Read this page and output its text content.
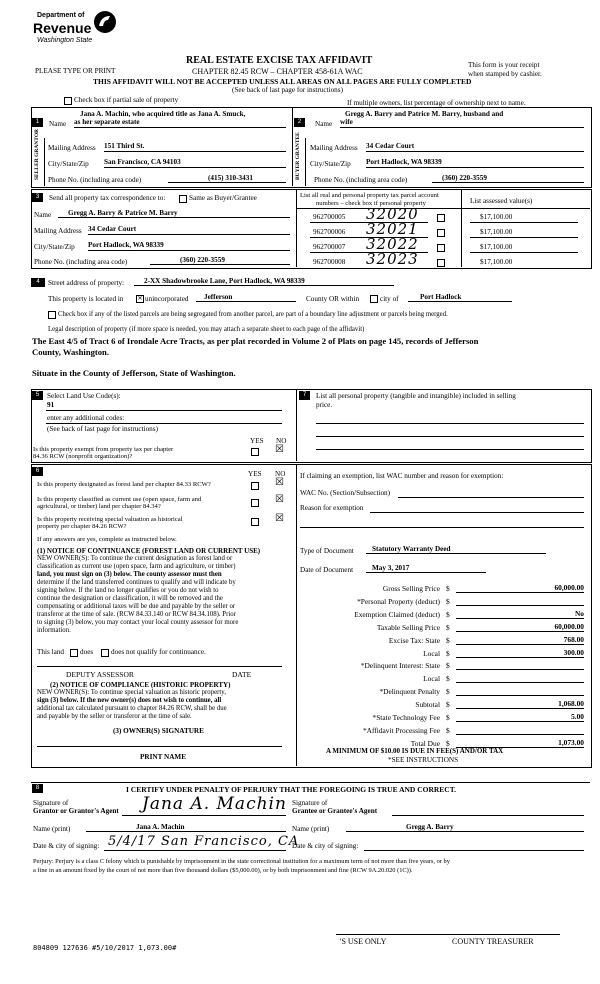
Department of
Revenue
Washington State
REAL ESTATE EXCISE TAX AFFIDAVIT
PLEASE TYPE OR PRINT	CHAPTER 82.45 RCW – CHAPTER 458-61A WAC
This form is your receipt
when stamped by cashier.
THIS AFFIDAVIT WILL NOT BE ACCEPTED UNLESS ALL AREAS ON ALL PAGES ARE FULLY COMPLETED
(See back of last page for instructions)
Check box if partial sale of property	If multiple owners, list percentage of ownership next to name.
1
SELLER GRANTOR
Jana A. Machin, who acquired title as Jana A. Smuck,
Name as her separate estate
Mailing Address 151 Third St.
City/State/Zip San Francisco, CA 94103
Phone No. (including area code)	(415) 310-3431
2
BUYER GRANTEE
Gregg A. Barry and Patrice M. Barry, husband and
Name wife
Mailing Address 34 Cedar Court
City/State/Zip Port Hadlock, WA 98339
Phone No. (including area code)	(360) 220-3559
3	Send all property tax correspondence to:	Same as Buyer/Grantee
Name	Gregg A. Barry & Patrice M. Barry
Mailing Address 34 Cedar Court
City/State/Zip Port Hadlock, WA 98339
Phone No. (including area code)	(360) 220-3559
List all real and personal property tax parcel account
numbers – check box if personal property	List assessed value(s)
962700005 32020	$17,100.00
962700006 32021	$17,100.00
962700007 32022	$17,100.00
962700008 32023	$17,100.00
4	Street address of property:	2-XX Shadowbrooke Lane, Port Hadlock, WA 98339
This property is located in ✕ unincorporated	Jefferson	County OR within	city of	Port Hadlock
Check box if any of the listed parcels are being segregated from another parcel, are part of a boundary line adjustment or parcels being merged.
Legal description of property (if more space is needed, you may attach a separate sheet to each page of the affidavit)
The East 4/5 of Tract 6 of Irondale Acre Tracts, as per plat recorded in Volume 2 of Plats on page 145, records of Jefferson
County, Washington.
Situate in the County of Jefferson, State of Washington.
5	Select Land Use Code(s):
91
enter any additional codes:
(See back of last page for instructions)
YES NO
Is this property exempt from property tax per chapter
84.36 RCW (nonprofit organization)?
☒
7	List all personal property (tangible and intangible) included in selling
price.
6	YES NO
Is this property designated as forest land per chapter 84.33 RCW?	☒
Is this property classified as current use (open space, farm and
agricultural, or timber) land per chapter 84.34?
☒
Is this property receiving special valuation as historical
property per chapter 84.26 RCW?
☒
If any answers are yes, complete as instructed below.
(1) NOTICE OF CONTINUANCE (FOREST LAND OR CURRENT USE)
NEW OWNER(S): To continue the current designation as forest land or
classification as current use (open space, farm and agriculture, or timber)
land, you must sign on (3) below. The county assessor must then
determine if the land transferred continues to qualify and will indicate by
signing below. If the land no longer qualifies or you do not wish to
continue the designation or classification, it will be removed and the
compensating or additional taxes will be due and payable by the seller or
transferor at the time of sale. (RCW 84.33.140 or RCW 84.34.108). Prior
to signing (3) below, you may contact your local county assessor for more
information.
This land does does not qualify for continuance.
DEPUTY ASSESSOR	DATE
(2) NOTICE OF COMPLIANCE (HISTORIC PROPERTY)
NEW OWNER(S): To continue special valuation as historic property,
sign (3) below. If the new owner(s) does not wish to continue, all
additional tax calculated pursuant to chapter 84.26 RCW, shall be due
and payable by the seller or transferor at the time of sale.
(3) OWNER(S) SIGNATURE
PRINT NAME
If claiming an exemption, list WAC number and reason for exemption:
WAC No. (Section/Subsection)
Reason for exemption
Type of Document	Statutory Warranty Deed
Date of Document	May 3, 2017
Gross Selling Price $	60,000.00
*Personal Property (deduct) $
Exemption Claimed (deduct) $	No
Taxable Selling Price $	60,000.00
Excise Tax: State $	768.00
Local $	300.00
*Delinquent Interest: State $
Local $
*Delinquent Penalty $
Subtotal $	1,068.00
*State Technology Fee $	5.00
*Affidavit Processing Fee $
Total Due $	1,073.00
A MINIMUM OF $10.00 IS DUE IN FEE(S) AND/OR TAX
*SEE INSTRUCTIONS
8	I CERTIFY UNDER PENALTY OF PERJURY THAT THE FOREGOING IS TRUE AND CORRECT.
Signature of
Grantor or Grantor's Agent Jana A. Machin Signature of
Grantee or Grantee's Agent
Name (print)	Jana A. Machin	Name (print)	Gregg A. Barry
Date & city of signing: 5/4/17 San Francisco, CA
Date & city of signing:
Perjury: Perjury is a class C felony which is punishable by imprisonment in the state correctional institution for a maximum term of not more than five years, or by
a fine in an amount fixed by the court of not more than five thousand dollars ($5,000.00), or by both imprisonment and fine (RCW 9A.20.020 (1C)).
804809 127636 #5/10/2017 1,073.00#
'S USE ONLY	COUNTY TREASURER
